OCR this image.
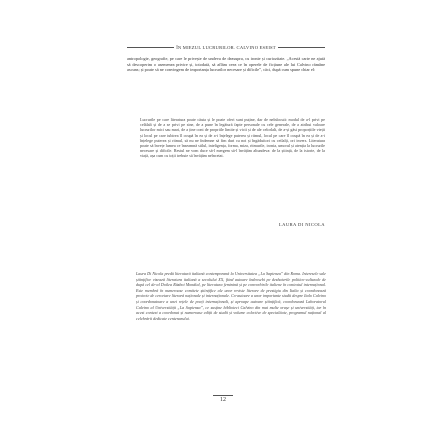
ÎN MIEZUL LUCRURILOR. CALVINO ESEIST

antropologie, geografie, pe care le privește de undeva de deasupra, cu ironie și curiozitate. „Acestă carte ne ajută să descoperim o asemenea privire și, totodată, să aflăm ceea ce în operele de ficțiune ale lui Calvino rămâne ascuns; și poate să ne convingem de importanța lucrurilor necesare și dificile”, căci, după cum spune chiar el:

Lucrurile pe care literatura poate căuta și le poate oferi sunt puține, dar de neînlocuit: modul de a-l privi pe celălalt și de a se privi pe sine, de a pune în legătură fapte personale cu cele generale, de a atribui valoare lucrurilor mici sau mari, de a ține cont de propriile limite și vicii și de ale celorlalt, de a-și găsi proporțiile vieții și locul pe care iubirea îl ocupă în ea și de a-i înțelege puterea și ritmul, locul pe care îl ocupă în ea și de a-i înțelege puterea și ritmul, să nu ne îndemne să fim duri cu noi și îngăduitori cu ceilalți, ori invers. Literatura poate să învețe lumea ce înseamnă stilul, inteligența, forma, miza, ritmurile, ironia, umorul și atenția la lucrurile necesare și dificile. Restul ne vom duce să-l mergem să-l învățăm altundeva: de la știință, de la istorie, de la viață, așa cum cu toții trebuie să învățăm neîncetat.

LAURA DI NICOLA

Laura Di Nicola predă literatură italiană contemporană la Universitatea „La Sapienza” din Roma. Interesele sale științifice vizează literatura italiană a secolului XX, fiind autoare îndeosebi pe dezbaterile politico-culturale de după cel de-al Doilea Război Mondial, pe literatura feminină și pe convorbirile italiene în contextul internațional. Este membră în numeroase comitete științifice ale unor reviste literare de prestigiu din Italia și coordonează proiecte de cercetare literară naționale și internaționale. Co-autoare a unor importante studii despre Italo Calvino și coordonatoare a unei rețele de poeți internaționali, și aproape autoare științifică, coordonează Laboratorul Calvino al Universității „La Sapienza”, ce susține biblioteci Calvino din mai multe orașe și universități, iar în acest context a coordonat și numeroase ediții de studii și volume colective de specialitate, programul național al celebrării dedicate centenarului.

12
